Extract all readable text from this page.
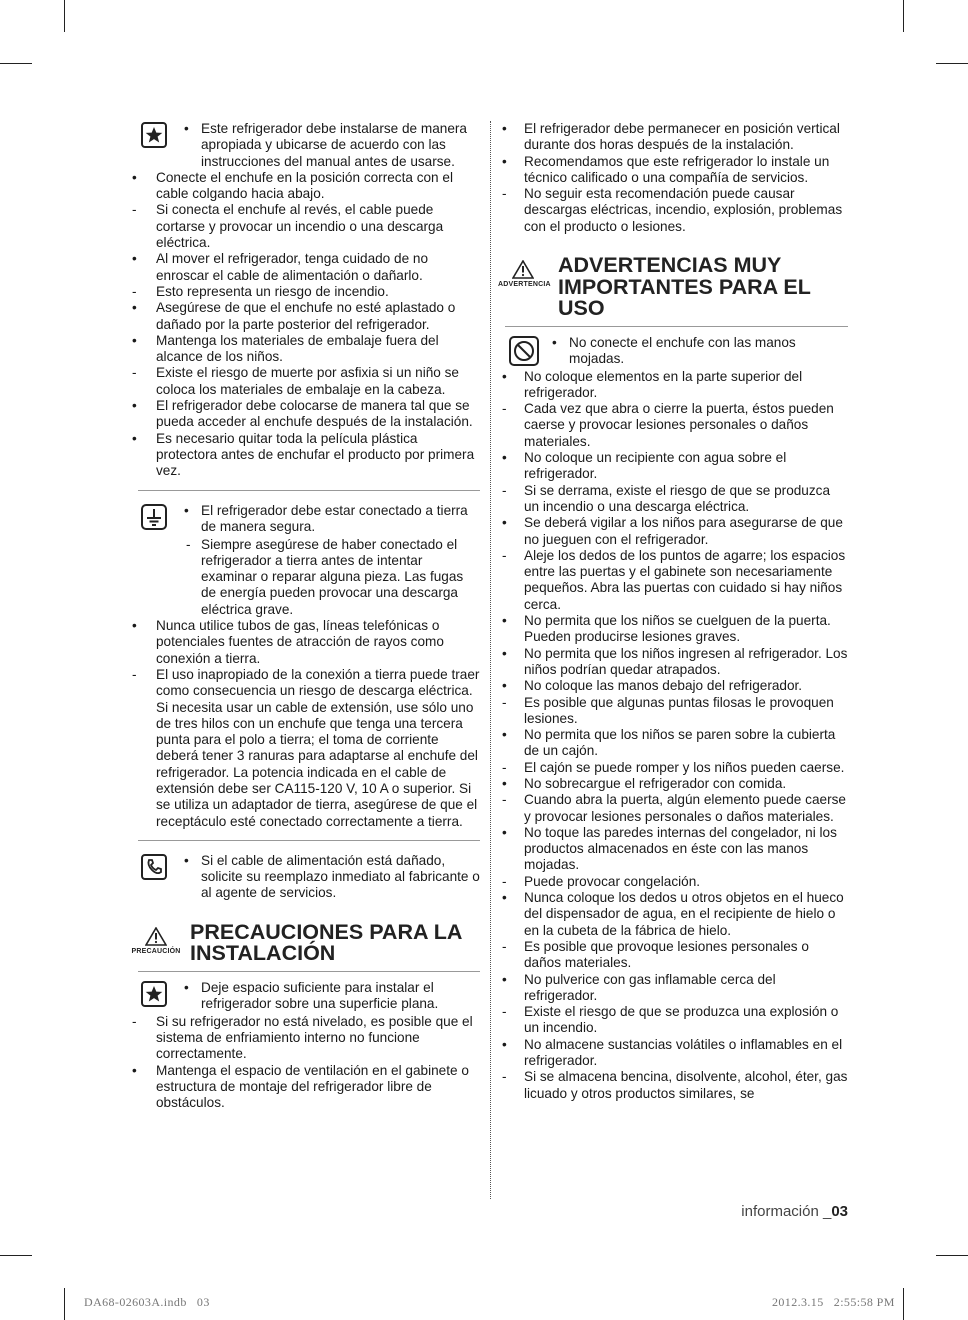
• Este refrigerador debe instalarse de manera apropiada y ubicarse de acuerdo con las instrucciones del manual antes de usarse.
• Conecte el enchufe en la posición correcta con el cable colgando hacia abajo.
- Si conecta el enchufe al revés, el cable puede cortarse y provocar un incendio o una descarga eléctrica.
• Al mover el refrigerador, tenga cuidado de no enroscar el cable de alimentación o dañarlo.
- Esto representa un riesgo de incendio.
• Asegúrese de que el enchufe no esté aplastado o dañado por la parte posterior del refrigerador.
• Mantenga los materiales de embalaje fuera del alcance de los niños.
- Existe el riesgo de muerte por asfixia si un niño se coloca los materiales de embalaje en la cabeza.
• El refrigerador debe colocarse de manera tal que se pueda acceder al enchufe después de la instalación.
• Es necesario quitar toda la película plástica protectora antes de enchufar el producto por primera vez.
• El refrigerador debe estar conectado a tierra de manera segura.
- Siempre asegúrese de haber conectado el refrigerador a tierra antes de intentar examinar o reparar alguna pieza. Las fugas de energía pueden provocar una descarga eléctrica grave.
• Nunca utilice tubos de gas, líneas telefónicas o potenciales fuentes de atracción de rayos como conexión a tierra.
- El uso inapropiado de la conexión a tierra puede traer como consecuencia un riesgo de descarga eléctrica. Si necesita usar un cable de extensión, use sólo uno de tres hilos con un enchufe que tenga una tercera punta para el polo a tierra; el toma de corriente deberá tener 3 ranuras para adaptarse al enchufe del refrigerador. La potencia indicada en el cable de extensión debe ser CA115-120 V, 10 A o superior. Si se utiliza un adaptador de tierra, asegúrese de que el receptáculo esté conectado correctamente a tierra.
• Si el cable de alimentación está dañado, solicite su reemplazo inmediato al fabricante o al agente de servicios.
PRECAUCIÓN
PRECAUCIONES PARA LA INSTALACIÓN
• Deje espacio suficiente para instalar el refrigerador sobre una superficie plana.
- Si su refrigerador no está nivelado, es posible que el sistema de enfriamiento interno no funcione correctamente.
• Mantenga el espacio de ventilación en el gabinete o estructura de montaje del refrigerador libre de obstáculos.
• El refrigerador debe permanecer en posición vertical durante dos horas después de la instalación.
• Recomendamos que este refrigerador lo instale un técnico calificado o una compañía de servicios.
- No seguir esta recomendación puede causar descargas eléctricas, incendio, explosión, problemas con el producto o lesiones.
ADVERTENCIA
ADVERTENCIAS MUY IMPORTANTES PARA EL USO
• No conecte el enchufe con las manos mojadas.
• No coloque elementos en la parte superior del refrigerador.
- Cada vez que abra o cierre la puerta, éstos pueden caerse y provocar lesiones personales o daños materiales.
• No coloque un recipiente con agua sobre el refrigerador.
- Si se derrama, existe el riesgo de que se produzca un incendio o una descarga eléctrica.
• Se deberá vigilar a los niños para asegurarse de que no jueguen con el refrigerador.
- Aleje los dedos de los puntos de agarre; los espacios entre las puertas y el gabinete son necesariamente pequeños. Abra las puertas con cuidado si hay niños cerca.
• No permita que los niños se cuelguen de la puerta. Pueden producirse lesiones graves.
• No permita que los niños ingresen al refrigerador. Los niños podrían quedar atrapados.
• No coloque las manos debajo del refrigerador.
- Es posible que algunas puntas filosas le provoquen lesiones.
• No permita que los niños se paren sobre la cubierta de un cajón.
- El cajón se puede romper y los niños pueden caerse.
• No sobrecargue el refrigerador con comida.
- Cuando abra la puerta, algún elemento puede caerse y provocar lesiones personales o daños materiales.
• No toque las paredes internas del congelador, ni los productos almacenados en éste con las manos mojadas.
- Puede provocar congelación.
• Nunca coloque los dedos u otros objetos en el hueco del dispensador de agua, en el recipiente de hielo o en la cubeta de la fábrica de hielo.
- Es posible que provoque lesiones personales o daños materiales.
• No pulverice con gas inflamable cerca del refrigerador.
- Existe el riesgo de que se produzca una explosión o un incendio.
• No almacene sustancias volátiles o inflamables en el refrigerador.
- Si se almacena bencina, disolvente, alcohol, éter, gas licuado y otros productos similares, se
información _03
DA68-02603A.indb   03	2012.3.15   2:55:58 PM
